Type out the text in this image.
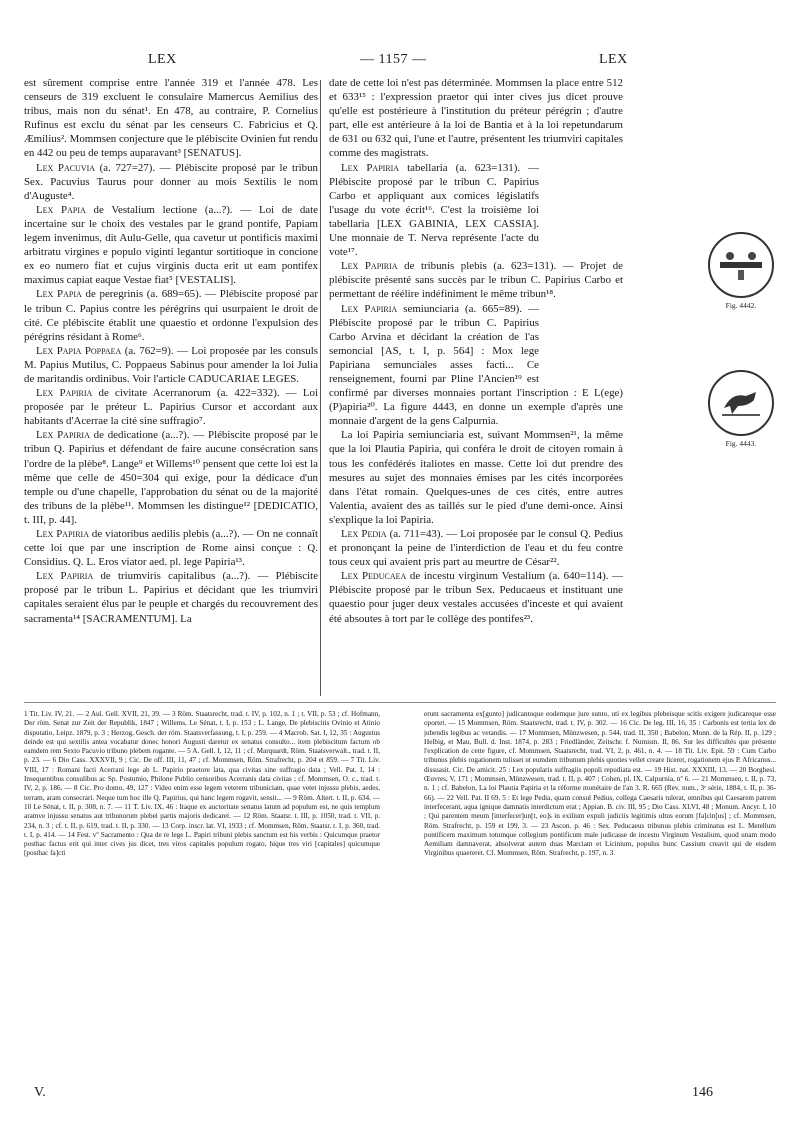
LEX	— 1157 —	LEX

est sûrement comprise entre l'année 319 et l'année 478. Les censeurs de 319 excluent le consulaire Mamercus Aemilius des tribus, mais non du sénat¹. En 478, au contraire, P. Cornelius Rufinus est exclu du sénat par les censeurs C. Fabricius et Q. Æmilius². Mommsen conjecture que le plébiscite Ovinien fut rendu en 442 ou peu de temps auparavant³ [SENATUS].

Lex Pacuvia (a. 727=27). — Plébiscite proposé par le tribun Sex. Pacuvius Taurus pour donner au mois Sextilis le nom d'Auguste⁴.

Lex Papia de Vestalium lectione (a...?). — Loi de date incertaine sur le choix des vestales par le grand pontife, Papiam legem invenimus, dit Aulu-Gelle, qua cavetur ut pontificis maximi arbitratu virgines e populo viginti legantur sortitioque in concione ex eo numero fiat et cujus virginis ducta erit ut eam pontifex maximus capiat eaque Vestae fiat⁵ [VESTALIS].

Lex Papia de peregrinis (a. 689=65). — Plébiscite proposé par le tribun C. Papius contre les pérégrins qui usurpaient le droit de cité. Ce plébiscite établit une quaestio et ordonne l'expulsion des pérégrins résidant à Rome⁶.

Lex Papia Poppaea (a. 762=9). — Loi proposée par les consuls M. Papius Mutilus, C. Poppaeus Sabinus pour amender la loi Julia de maritandis ordinibus. Voir l'article CADUCARIAE LEGES.

Lex Papiria de civitate Acerranorum (a. 422=332). — Loi proposée par le préteur L. Papirius Cursor et accordant aux habitants d'Acerrae la cité sine suffragio⁷.

Lex Papiria de dedicatione (a...?). — Plébiscite proposé par le tribun Q. Papirius et défendant de faire aucune consécration sans l'ordre de la plèbe⁸. Lange⁹ et Willems¹⁰ pensent que cette loi est la même que celle de 450=304 qui exige, pour la dédicace d'un temple ou d'une chapelle, l'approbation du sénat ou de la majorité des tribuns de la plèbe¹¹. Mommsen les distingue¹² [DEDICATIO, t. III, p. 44].

Lex Papiria de viatoribus aedilis plebis (a...?). — On ne connaît cette loi que par une inscription de Rome ainsi conçue : Q. Considius. Q. L. Eros viator aed. pl. lege Papiria¹³.

Lex Papiria de triumviris capitalibus (a...?). — Plébiscite proposé par le tribun L. Papirius et décidant que les triumviri capitales seraient élus par le peuple et chargés du recouvrement des sacramenta¹⁴ [SACRAMENTUM]. La

date de cette loi n'est pas déterminée. Mommsen la place entre 512 et 633¹⁵ : l'expression praetor qui inter cives jus dicet prouve qu'elle est postérieure à l'institution du préteur pérégrin ; d'autre part, elle est antérieure à la loi de Bantia et à la loi repetundarum de 631 ou 632 qui, l'une et l'autre, présentent les triumviri capitales comme des magistrats.

Lex Papiria tabellaria (a. 623=131). — Plébiscite proposé par le tribun C. Papirius Carbo et appliquant aux comices législatifs l'usage du vote écrit¹⁶. C'est la troisième loi tabellaria [LEX GABINIA, LEX CASSIA]. Une monnaie de T. Nerva représente l'acte du vote¹⁷.

Lex Papiria de tribunis plebis (a. 623=131). — Projet de plébiscite présenté sans succès par le tribun C. Papirius Carbo et permettant de réélire indéfiniment le même tribun¹⁸.

Lex Papiria semiunciaria (a. 665=89). — Plébiscite proposé par le tribun C. Papirius Carbo Arvina et décidant la création de l'as semoncial [AS, t. I, p. 564] : Mox lege Papiriana semunciales asses facti... Ce renseignement, fourni par Pline l'Ancien¹⁹ est confirmé par diverses monnaies portant l'inscription : E L(ege) (P)apiria²⁰. La figure 4443, en donne un exemple d'après une monnaie d'argent de la gens Calpurnia.

La loi Papiria semiunciaria est, suivant Mommsen²¹, la même que la loi Plautia Papiria, qui conféra le droit de citoyen romain à tous les confédérés italiotes en masse. Cette loi dut prendre des mesures au sujet des monnaies émises par les cités incorporées dans l'état romain. Quelques-unes de ces cités, entre autres Valentia, avaient des as taillés sur le pied d'une demi-once. Ainsi s'explique la loi Papiria.

Lex Pedia (a. 711=43). — Loi proposée par le consul Q. Pedius et prononçant la peine de l'interdiction de l'eau et du feu contre tous ceux qui avaient pris part au meurtre de César²².

Lex Peducaea de incestu virginum Vestalium (a. 640=114). — Plébiscite proposé par le tribun Sex. Peducaeus et instituant une quaestio pour juger deux vestales accusées d'inceste et qui avaient été absoutes à tort par le collège des pontifes²³.

Fig. 4442.
Fig. 4443.

1 Tit. Liv. IV, 21. — 2 Aul. Gell. XVII, 21, 39. — 3 Röm. Staatsrecht, trad. t. IV, p. 102, n. 1 ; t. VII, p. 53 ; cf. Hofmann, Der röm. Senat zur Zeit der Republik, 1847 ; Willems, Le Sénat, t. I, p. 153 ; L. Lange, De plebiscitis Ovinio et Atinio disputatio, Leipz. 1879, p. 3 ; Herzog, Gesch. der röm. Staatsverfassung, t. I, p. 259. — 4 Macrob. Sat. I, 12, 35 : Augustus deinde est qui sextilis antea vocabatur donec honori Augusti daretur ex senatus consulto... item plebiscitum factum ob eamdem rem Sexto Pacuvio tribuno plebem rogante. — 5 A. Gell. I, 12, 11 ; cf. Marquardt, Röm. Staatsverwalt., trad. t. II, p. 23. — 6 Dio Cass. XXXVII, 9 ; Cic. De off. III, 11, 47 ; cf. Mommsen, Röm. Strafrecht, p. 204 et 859. — 7 Tit. Liv. VIII, 17 : Romani facti Acerrani lege ab L. Papirio praetore lata, qua civitas sine suffragio data ; Vell. Pat. I, 14 : Insequentibus consulibus ac Sp. Postumio, Philone Publio censoribus Acerranis data civitas ; cf. Mommsen, O. c., trad. t. IV, 2, p. 186. — 8 Cic. Pro domo, 49, 127 : Video enim esse legem veterem tribuniciam, quae vetet injussu plebis, aedes, terram, aram consecrari. Neque tum hoc ille Q. Papirius, qui hanc legem rogavit, sensit... — 9 Röm. Altert. t. II, p. 634. — 10 Le Sénat, t. II, p. 308, n. 7. — 11 T. Liv. IX, 46 : Itaque ex auctoritate senatus latum ad populum est, ne quis templum aramve injussu senatus aut tribunorum plebei partis majoris dedicaret. — 12 Röm. Staatsr. t. III, p. 1050, trad. t. VII, p. 234, n. 3 ; cf. t. II, p. 619, trad. t. II, p. 330. — 13 Corp. inscr. lat. VI, 1933 ; cf. Mommsen, Röm. Staatsr. t. I, p. 360, trad. t. I, p. 414. — 14 Fest. vº Sacramento : Qua de re lege L. Papiri tribuni plebis sanctum est his verbis : Quicumque praetor posthac factus erit qui inter cives jus dicet, tres viros capitales populum rogato, hique tres viri [capitales] quicumque [posthac fa]cti

erunt sacramenta ex[gunto] judicantoque eodemque jure sunto, uti ex legibus plebeisque scitis exigere judicareque esse oportet. — 15 Mommsen, Röm. Staatsrecht, trad. t. IV, p. 302. — 16 Cic. De leg. III, 16, 35 : Carbonis est tertia lex de jubendis legibus ac vetandis. — 17 Mommsen, Münzwesen, p. 544, trad. II, 350 ; Babelon, Monn. de la Rép. II, p. 129 ; Helbig, et Mau, Bull. d. Inst. 1874, p. 283 ; Friedländer, Zeitschr. f. Numism. II, 86. Sur les difficultés que présente l'explication de cette figure, cf. Mommsen, Staatsrecht, trad. VI, 2, p. 461, n. 4. — 18 Tit. Liv. Epit. 59 : Cum Carbo tribunus plebis rogationem tulisset ut eumdem tribunum plebis quoties vellet creare liceret, rogationem ejus P. Africanus... dissuasit. Cic. De amicit. 25 : Lex popularis suffragiis populi repudiata est. — 19 Hist. nat. XXXIII, 13. — 20 Borghesi. Œuvres, V, 171 ; Mommsen, Münzwesen, trad. t. II, p. 407 ; Cohen, pl. IX, Calpurnia, nº 6. — 21 Mommsen, t. II, p. 73, n. 1 ; cf. Babelon, La loi Plautia Papiria et la réforme monétaire de l'an 3. R. 665 (Rev. num., 3ᵉ série, 1884, t. II, p. 36-66). — 22 Vell. Pat. II 69, 5 : Et lege Pedia, quam consul Pedius, collega Caesaris tulerat, omnibus qui Caesarem patrem interfecerant, aqua ignique damnatis interdictum erat ; Appian. B. civ. III, 95 ; Dio Cass. XLVI, 48 ; Monum. Ancyr. I, 10 ; Qui parentem meum [interfecer]un[t, eo]s in exilium expuli judiciis legitimis ultus eorum [fa]cin[us] ; cf. Mommsen, Röm. Strafrecht, p. 159 et 199, 3. — 23 Ascon. p. 46 : Sex. Peducaeus tribunus plebis criminatus est L. Metellum pontificem maximum totumque collegium pontificum male judicasse de incestu Virginum Vestalium, quod unam modo Aemiliam damnaverat, absolverat autem duas Marciam et Licinium, populus hunc Cassium creavit qui de eisdem Virginibus quaereret. Cf. Mommsen, Röm. Strafrecht, p. 197, n. 3.

V.	146
